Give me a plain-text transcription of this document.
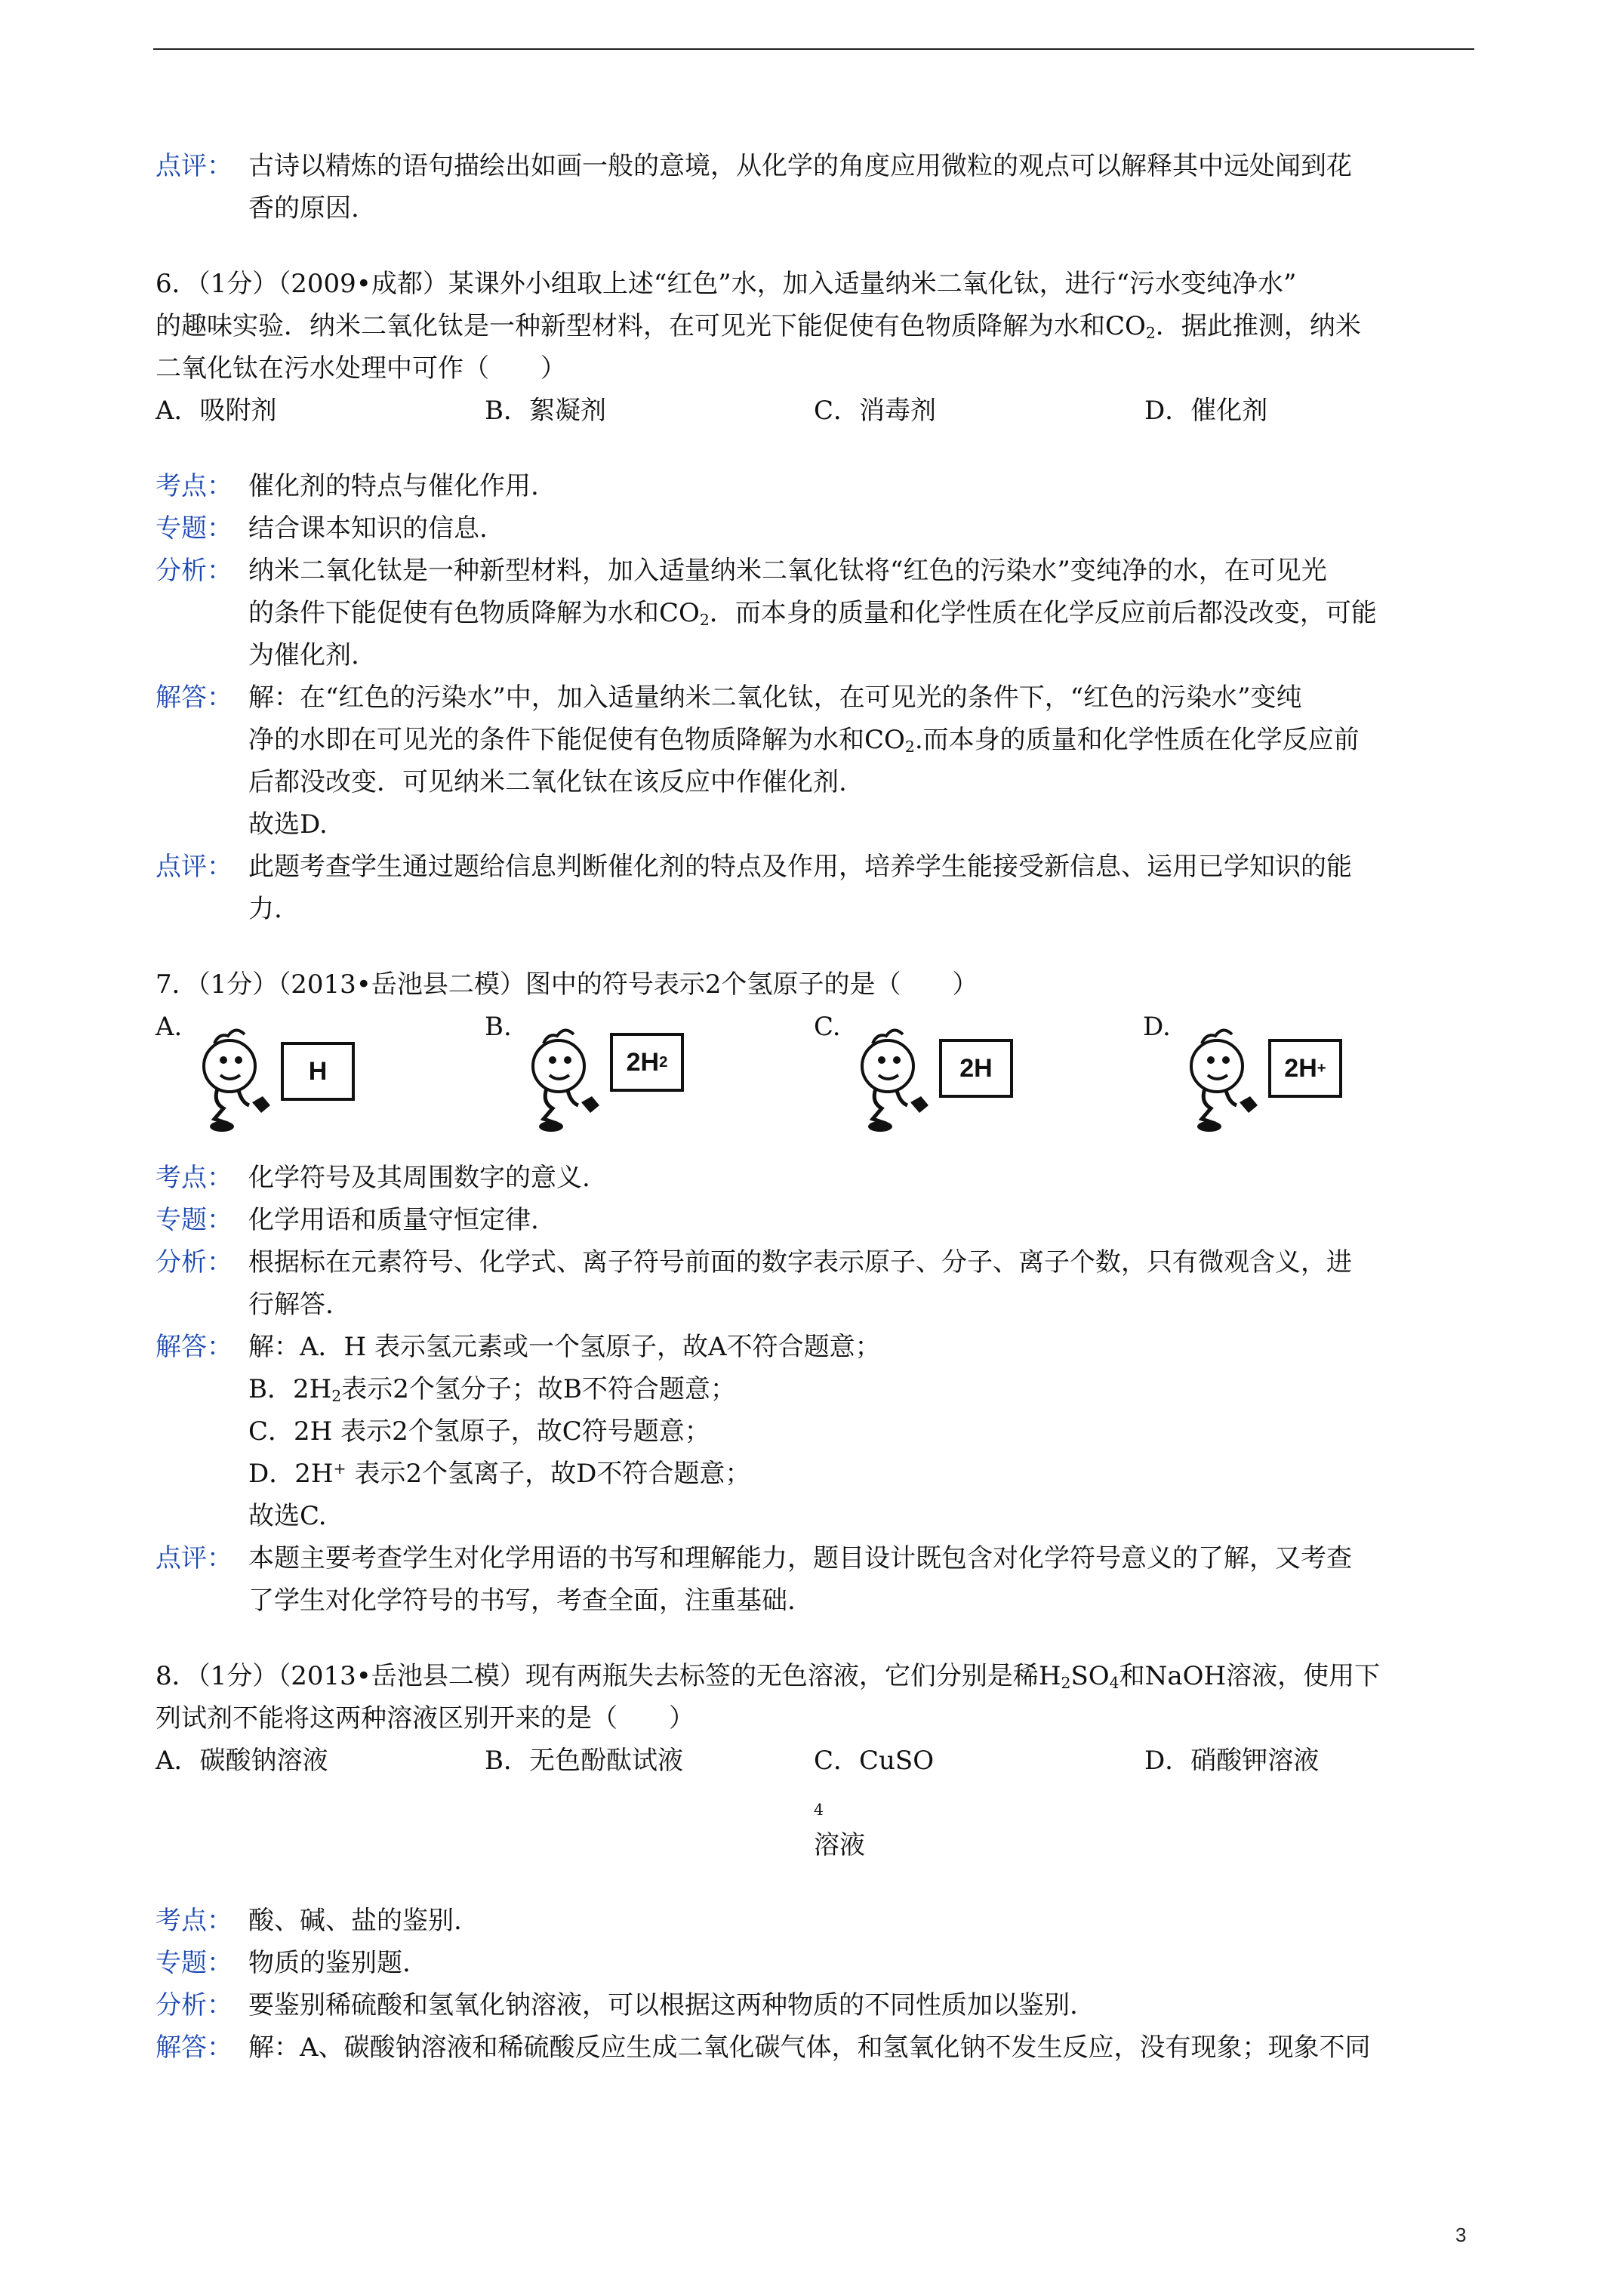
点评： 古诗以精炼的语句描绘出如画一般的意境，从化学的角度应用微粒的观点可以解释其中远处闻到花
香的原因.
6．（1分）（2009•成都）某课外小组取上述“红色”水，加入适量纳米二氧化钛，进行“污水变纯净水”
的趣味实验．纳米二氧化钛是一种新型材料，在可见光下能促使有色物质降解为水和$CO_2$．据此推测，纳米
二氧化钛在污水处理中可作（　　）
A．吸附剂	B．絮凝剂	C．消毒剂	D．催化剂
考点： 催化剂的特点与催化作用.
专题： 结合课本知识的信息.
分析： 纳米二氧化钛是一种新型材料，加入适量纳米二氧化钛将“红色的污染水”变纯净的水，在可见光
的条件下能促使有色物质降解为水和$CO_2$．而本身的质量和化学性质在化学反应前后都没改变，可能
为催化剂.
解答： 解：在“红色的污染水”中，加入适量纳米二氧化钛，在可见光的条件下，“红色的污染水”变纯
净的水即在可见光的条件下能促使有色物质降解为水和$CO_2$.而本身的质量和化学性质在化学反应前
后都没改变．可见纳米二氧化钛在该反应中作催化剂.
故选D.
点评： 此题考查学生通过题给信息判断催化剂的特点及作用，培养学生能接受新信息、运用已学知识的能
力.
7．（1分）（2013•岳池县二模）图中的符号表示2个氢原子的是（　　）
A.
H
B.
2H 2
C.
2H
D.
2H +
考点： 化学符号及其周围数字的意义.
专题： 化学用语和质量守恒定律.
分析： 根据标在元素符号、化学式、离子符号前面的数字表示原子、分子、离子个数，只有微观含义，进
行解答.
解答： 解：A．H 表示氢元素或一个氢原子，故A不符合题意；
B．$2H_2$表示2个氢分子；故B不符合题意；
C．2H 表示2个氢原子，故C符号题意；
D．2H+ 表示2个氢离子，故D不符合题意；
故选C.
点评： 本题主要考查学生对化学用语的书写和理解能力，题目设计既包含对化学符号意义的了解，又考查
了学生对化学符号的书写，考查全面，注重基础.
8．（1分）（2013•岳池县二模）现有两瓶失去标签的无色溶液，它们分别是稀$H_2SO_4$和NaOH溶液，使用下
列试剂不能将这两种溶液区别开来的是（　　）
A．碳酸钠溶液	B．无色酚酞试液	C．CuSO
$_4$
溶液
D．硝酸钾溶液
考点： 酸、碱、盐的鉴别.
专题： 物质的鉴别题.
分析： 要鉴别稀硫酸和氢氧化钠溶液，可以根据这两种物质的不同性质加以鉴别.
解答： 解：A、碳酸钠溶液和稀硫酸反应生成二氧化碳气体，和氢氧化钠不发生反应，没有现象；现象不同
3
